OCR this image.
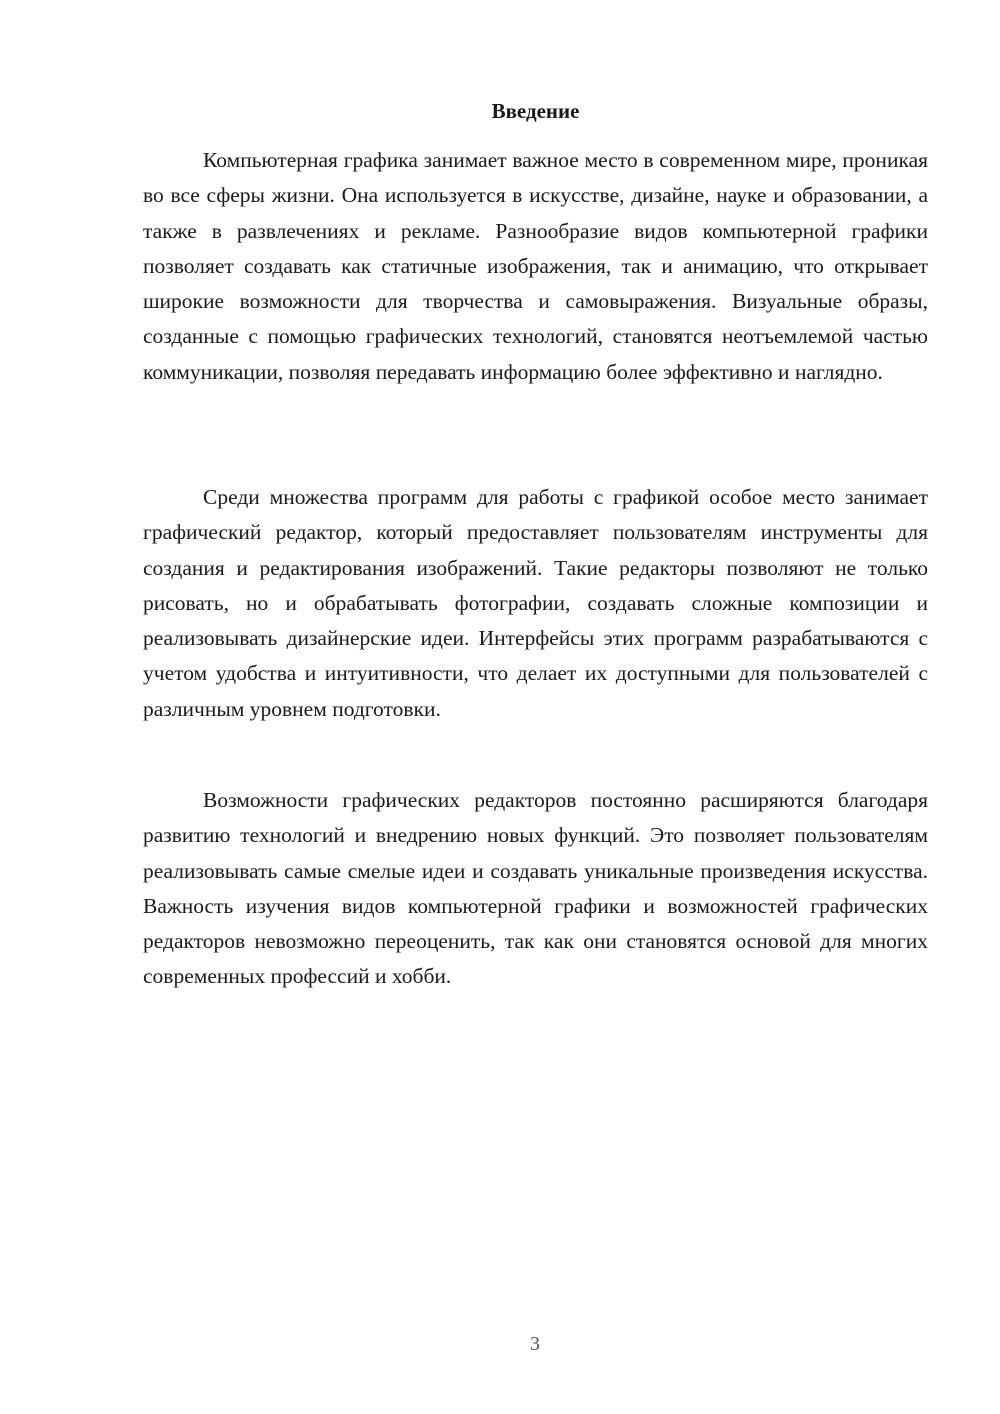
Введение

Компьютерная графика занимает важное место в современном мире, проникая во все сферы жизни. Она используется в искусстве, дизайне, науке и образовании, а также в развлечениях и рекламе. Разнообразие видов компьютерной графики позволяет создавать как статичные изображения, так и анимацию, что открывает широкие возможности для творчества и самовыражения. Визуальные образы, созданные с помощью графических технологий, становятся неотъемлемой частью коммуникации, позволяя передавать информацию более эффективно и наглядно.

Среди множества программ для работы с графикой особое место занимает графический редактор, который предоставляет пользователям инструменты для создания и редактирования изображений. Такие редакторы позволяют не только рисовать, но и обрабатывать фотографии, создавать сложные композиции и реализовывать дизайнерские идеи. Интерфейсы этих программ разрабатываются с учетом удобства и интуитивности, что делает их доступными для пользователей с различным уровнем подготовки.

Возможности графических редакторов постоянно расширяются благодаря развитию технологий и внедрению новых функций. Это позволяет пользователям реализовывать самые смелые идеи и создавать уникальные произведения искусства. Важность изучения видов компьютерной графики и возможностей графических редакторов невозможно переоценить, так как они становятся основой для многих современных профессий и хобби.

3
